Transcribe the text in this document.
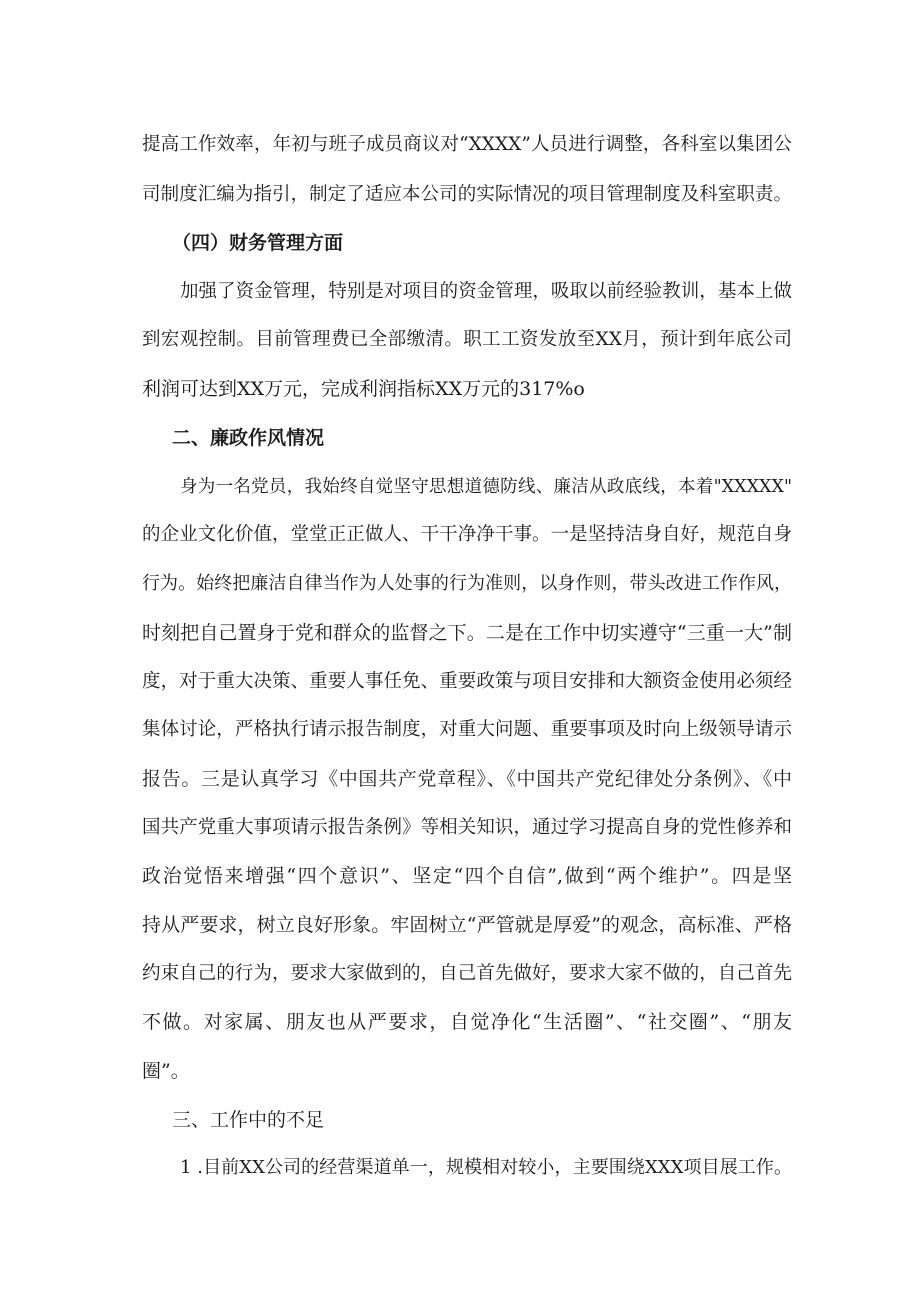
提高工作效率，年初与班子成员商议对“XXXX”人员进行调整，各科室以集团公
司制度汇编为指引，制定了适应本公司的实际情况的项目管理制度及科室职责。
（四）财务管理方面
加强了资金管理，特别是对项目的资金管理，吸取以前经验教训，基本上做
到宏观控制。目前管理费已全部缴清。职工工资发放至XX月，预计到年底公司
利润可达到XX万元，完成利润指标XX万元的317%o
二、廉政作风情况
身为一名党员，我始终自觉坚守思想道德防线、廉洁从政底线，本着"XXXXX"
的企业文化价值，堂堂正正做人、干干净净干事。一是坚持洁身自好，规范自身
行为。始终把廉洁自律当作为人处事的行为准则，以身作则，带头改进工作作风，
时刻把自己置身于党和群众的监督之下。二是在工作中切实遵守“三重一大”制
度，对于重大决策、重要人事任免、重要政策与项目安排和大额资金使用必须经
集体讨论，严格执行请示报告制度，对重大问题、重要事项及时向上级领导请示
报告。三是认真学习《中国共产党章程》、《中国共产党纪律处分条例》、《中
国共产党重大事项请示报告条例》等相关知识，通过学习提高自身的党性修养和
政治觉悟来增强“四个意识”、坚定“四个自信”,做到“两个维护”。四是坚
持从严要求，树立良好形象。牢固树立“严管就是厚爱”的观念，高标准、严格
约束自己的行为，要求大家做到的，自己首先做好，要求大家不做的，自己首先
不做。对家属、朋友也从严要求，自觉净化“生活圈”、“社交圈”、“朋友
圈”。
三、工作中的不足
1 .目前XX公司的经营渠道单一，规模相对较小，主要围绕XXX项目展工作。
